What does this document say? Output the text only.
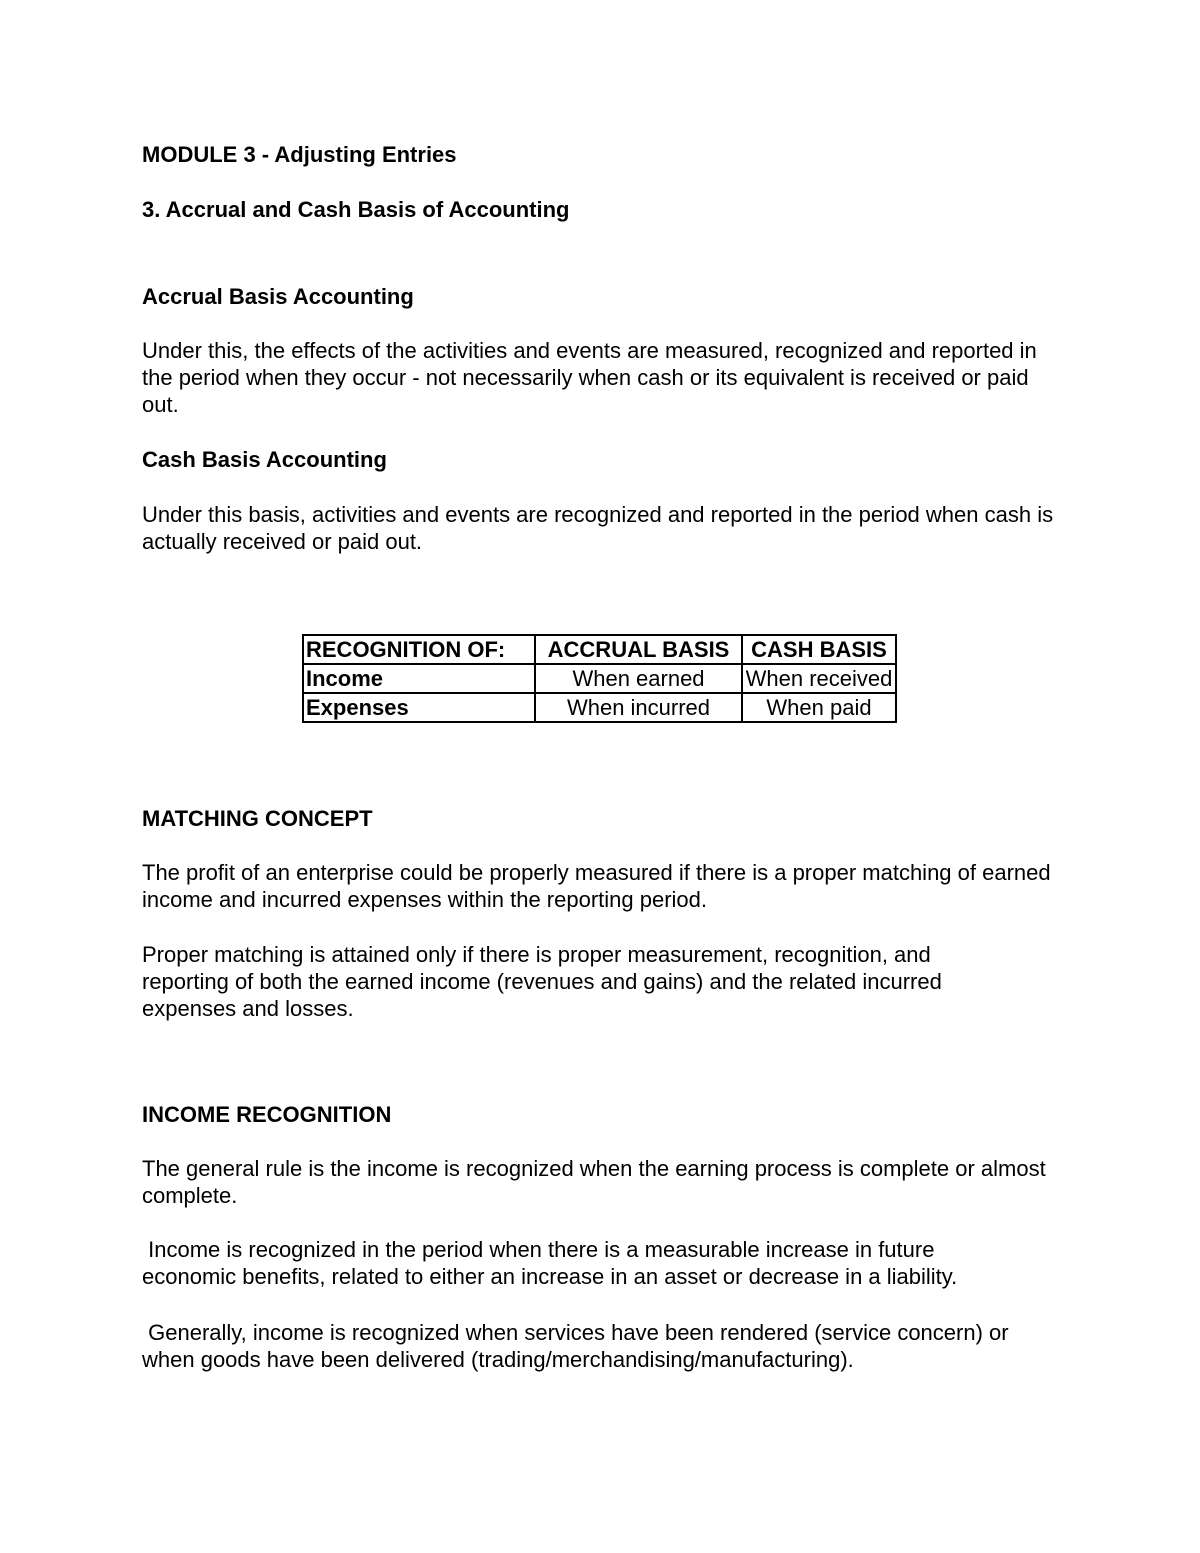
MODULE 3 - Adjusting Entries

3. Accrual and Cash Basis of Accounting

Accrual Basis Accounting

Under this, the effects of the activities and events are measured, recognized and reported in the period when they occur - not necessarily when cash or its equivalent is received or paid out.

Cash Basis Accounting

Under this basis, activities and events are recognized and reported in the period when cash is actually received or paid out.

RECOGNITION OF:	ACCRUAL BASIS	CASH BASIS
Income	When earned	When received
Expenses	When incurred	When paid

MATCHING CONCEPT

The profit of an enterprise could be properly measured if there is a proper matching of earned income and incurred expenses within the reporting period.

Proper matching is attained only if there is proper measurement, recognition, and reporting of both the earned income (revenues and gains) and the related incurred expenses and losses.

INCOME RECOGNITION

The general rule is the income is recognized when the earning process is complete or almost complete.

Income is recognized in the period when there is a measurable increase in future economic benefits, related to either an increase in an asset or decrease in a liability.

Generally, income is recognized when services have been rendered (service concern) or when goods have been delivered (trading/merchandising/manufacturing).
